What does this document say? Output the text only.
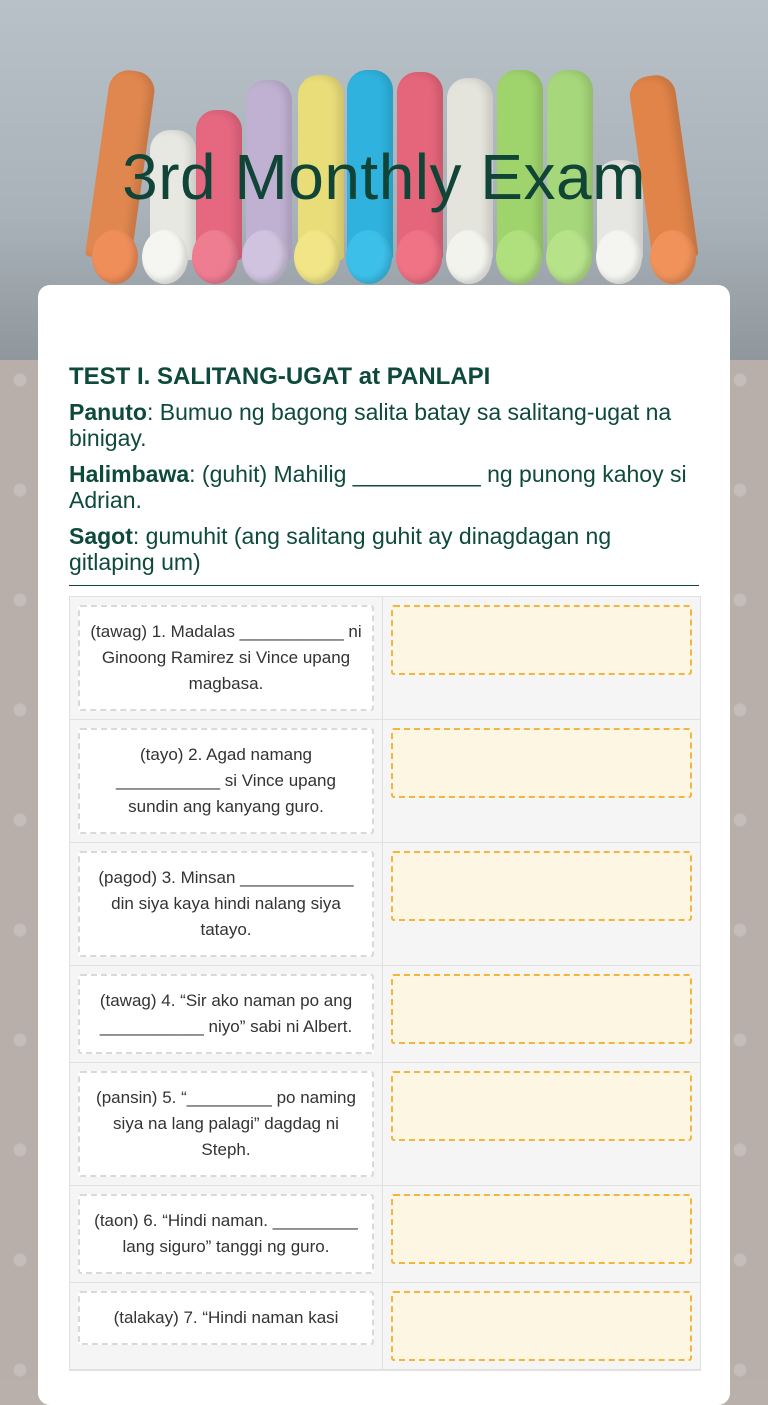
3rd Monthly Exam
TEST I. SALITANG-UGAT at PANLAPI

Panuto: Bumuo ng bagong salita batay sa salitang-ugat na binigay.

Halimbawa: (guhit) Mahilig __________ ng punong kahoy si Adrian.

Sagot: gumuhit (ang salitang guhit ay dinagdagan ng gitlaping um)

(tawag) 1. Madalas ___________ ni Ginoong Ramirez si Vince upang magbasa.
(tayo) 2. Agad namang ___________ si Vince upang sundin ang kanyang guro.
(pagod) 3. Minsan ____________ din siya kaya hindi nalang siya tatayo.
(tawag) 4. “Sir ako naman po ang ___________ niyo” sabi ni Albert.
(pansin) 5. “_________ po naming siya na lang palagi” dagdag ni Steph.
(taon) 6. “Hindi naman. _________ lang siguro” tanggi ng guro.
(talakay) 7. “Hindi naman kasi
